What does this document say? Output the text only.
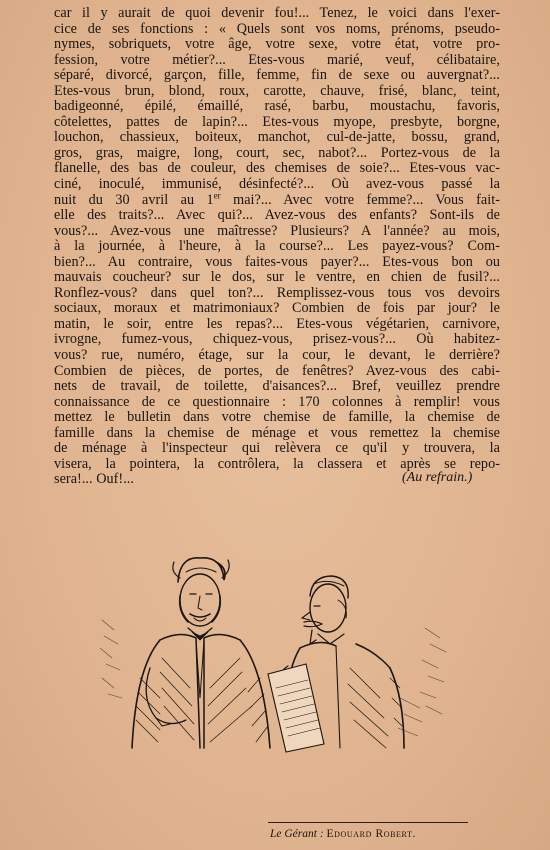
car il y aurait de quoi devenir fou!... Tenez, le voici dans l'exer-
cice de ses fonctions : « Quels sont vos noms, prénoms, pseudo-
nymes, sobriquets, votre âge, votre sexe, votre état, votre pro-
fession, votre métier?... Etes-vous marié, veuf, célibataire,
séparé, divorcé, garçon, fille, femme, fin de sexe ou auvergnat?...
Etes-vous brun, blond, roux, carotte, chauve, frisé, blanc, teint,
badigeonné, épilé, émaillé, rasé, barbu, moustachu, favoris,
côtelettes, pattes de lapin?... Etes-vous myope, presbyte, borgne,
louchon, chassieux, boiteux, manchot, cul-de-jatte, bossu, grand,
gros, gras, maigre, long, court, sec, nabot?... Portez-vous de la
flanelle, des bas de couleur, des chemises de soie?... Etes-vous vac-
ciné, inoculé, immunisé, désinfecté?... Où avez-vous passé la
nuit du 30 avril au 1er mai?... Avec votre femme?... Vous fait-
elle des traits?... Avec qui?... Avez-vous des enfants? Sont-ils de
vous?... Avez-vous une maîtresse? Plusieurs? A l'année? au mois,
à la journée, à l'heure, à la course?... Les payez-vous? Com-
bien?... Au contraire, vous faites-vous payer?... Etes-vous bon ou
mauvais coucheur? sur le dos, sur le ventre, en chien de fusil?...
Ronflez-vous? dans quel ton?... Remplissez-vous tous vos devoirs
sociaux, moraux et matrimoniaux? Combien de fois par jour? le
matin, le soir, entre les repas?... Etes-vous végétarien, carnivore,
ivrogne, fumez-vous, chiquez-vous, prisez-vous?... Où habitez-
vous? rue, numéro, étage, sur la cour, le devant, le derrière?
Combien de pièces, de portes, de fenêtres? Avez-vous des cabi-
nets de travail, de toilette, d'aisances?... Bref, veuillez prendre
connaissance de ce questionnaire : 170 colonnes à remplir! vous
mettez le bulletin dans votre chemise de famille, la chemise de
famille dans la chemise de ménage et vous remettez la chemise
de ménage à l'inspecteur qui relèvera ce qu'il y trouvera, la
visera, la pointera, la contrôlera, la classera et après se repo-
sera!... Ouf!...	(Au refrain.)
Le Gérant : Edouard Robert.
